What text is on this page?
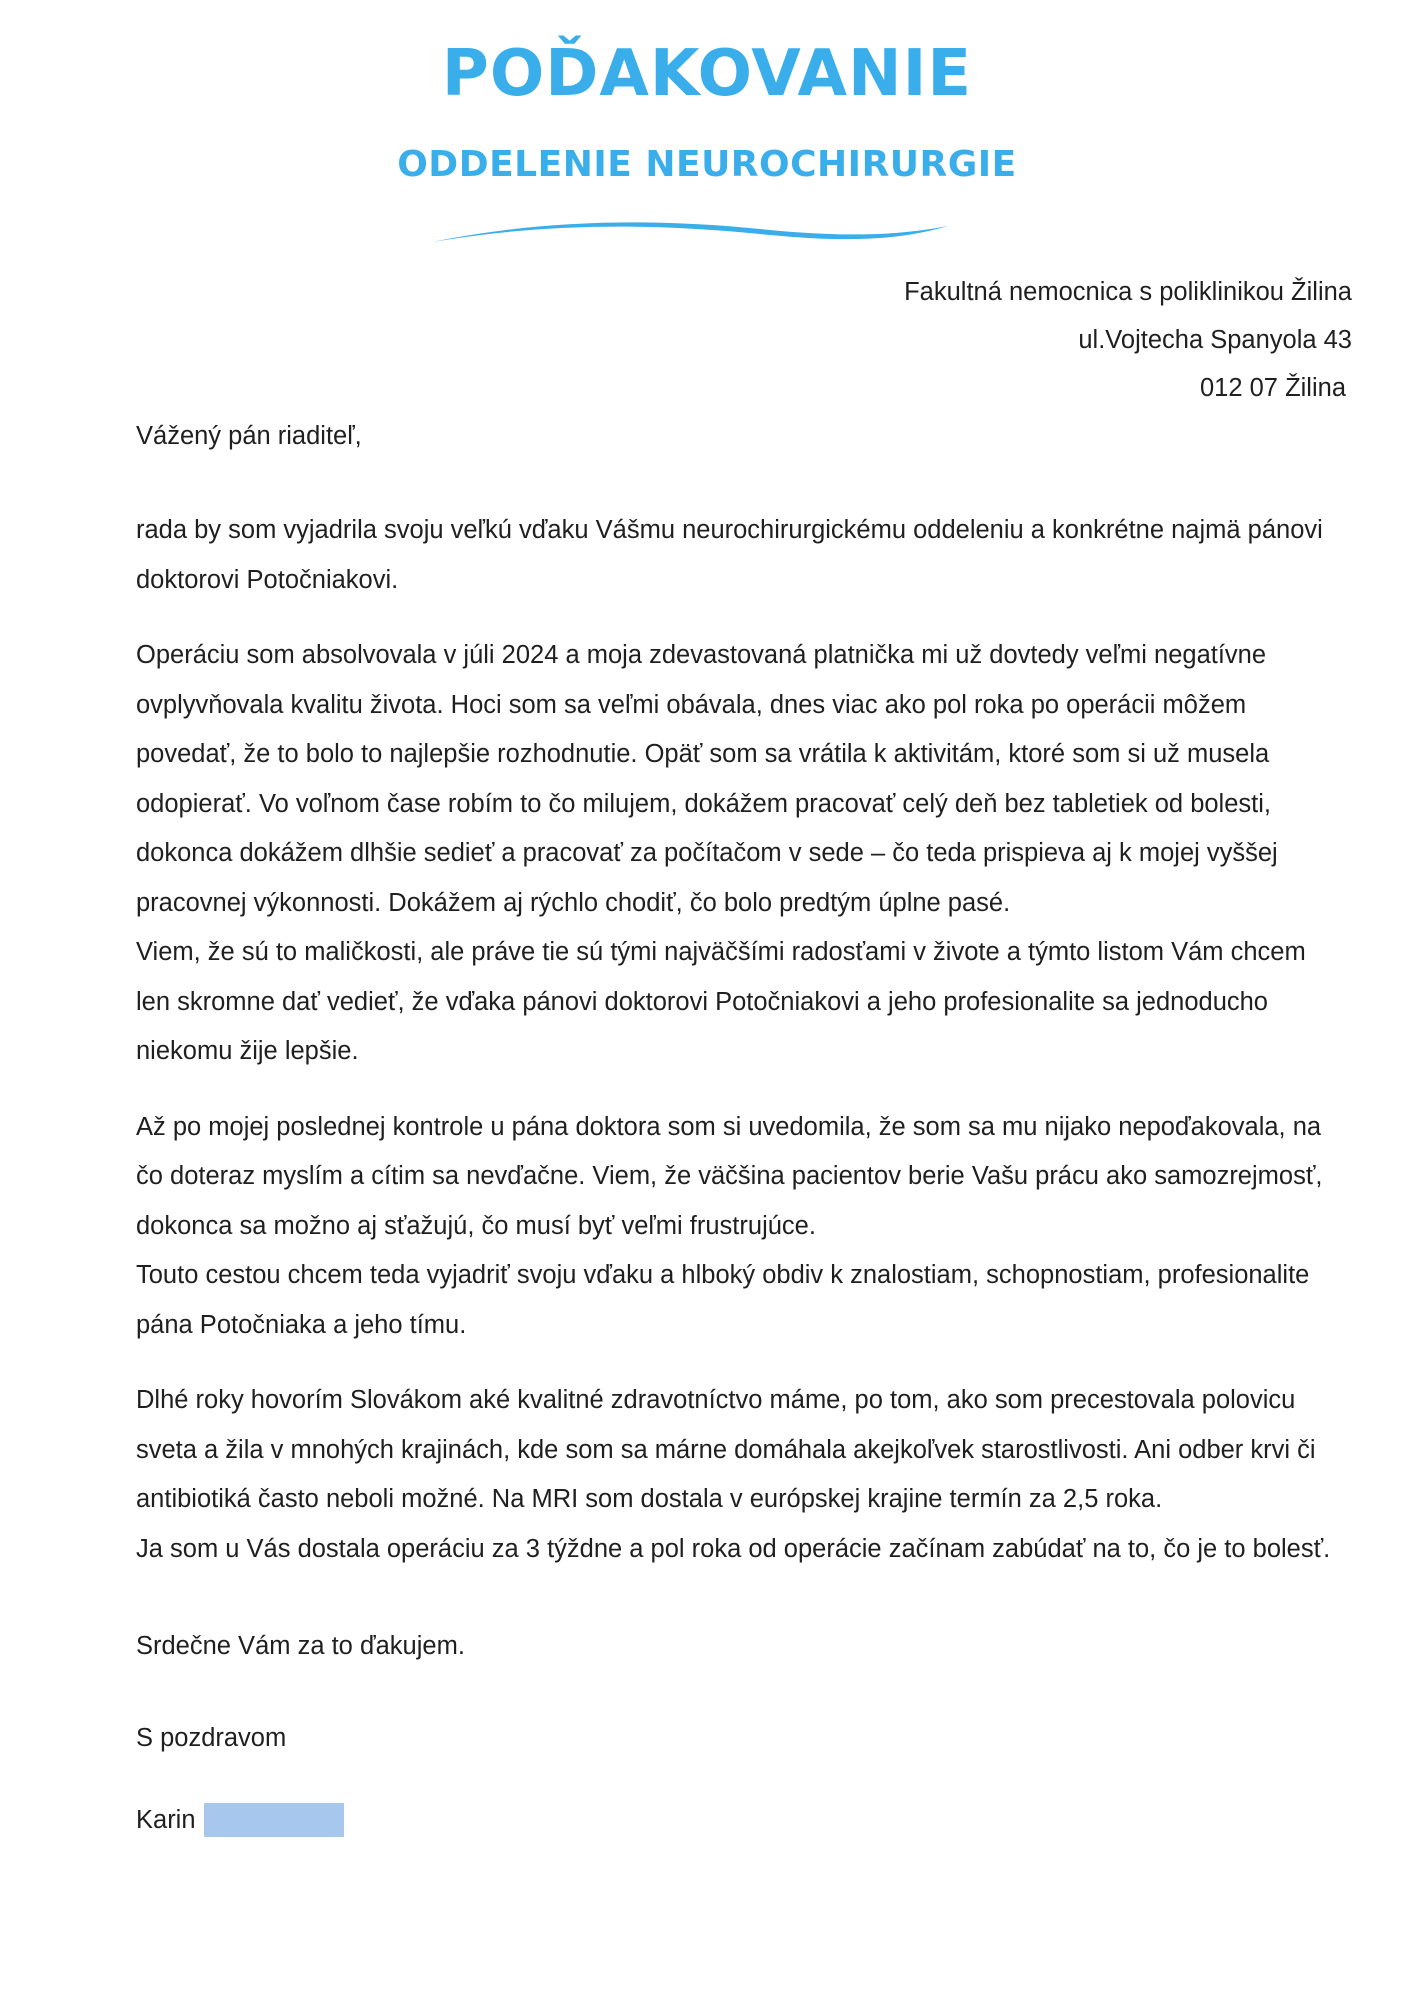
POĎAKOVANIE
ODDELENIE NEUROCHIRURGIE
Fakultná nemocnica s poliklinikou Žilina
ul.Vojtecha Spanyola 43
012 07 Žilina
Vážený pán riaditeľ,

rada by som vyjadrila svoju veľkú vďaku Vášmu neurochirurgickému oddeleniu a konkrétne najmä pánovi doktorovi Potočniakovi.

Operáciu som absolvovala v júli 2024 a moja zdevastovaná platnička mi už dovtedy veľmi negatívne ovplyvňovala kvalitu života. Hoci som sa veľmi obávala, dnes viac ako pol roka po operácii môžem povedať, že to bolo to najlepšie rozhodnutie. Opäť som sa vrátila k aktivitám, ktoré som si už musela odopierať. Vo voľnom čase robím to čo milujem, dokážem pracovať celý deň bez tabletiek od bolesti, dokonca dokážem dlhšie sedieť a pracovať za počítačom v sede – čo teda prispieva aj k mojej vyššej pracovnej výkonnosti. Dokážem aj rýchlo chodiť, čo bolo predtým úplne pasé.

Viem, že sú to maličkosti, ale práve tie sú tými najväčšími radosťami v živote a týmto listom Vám chcem len skromne dať vedieť, že vďaka pánovi doktorovi Potočniakovi a jeho profesionalite sa jednoducho niekomu žije lepšie.

Až po mojej poslednej kontrole u pána doktora som si uvedomila, že som sa mu nijako nepoďakovala, na čo doteraz myslím a cítim sa nevďačne. Viem, že väčšina pacientov berie Vašu prácu ako samozrejmosť, dokonca sa možno aj sťažujú, čo musí byť veľmi frustrujúce.

Touto cestou chcem teda vyjadriť svoju vďaku a hlboký obdiv k znalostiam, schopnostiam, profesionalite pána Potočniaka a jeho tímu.

Dlhé roky hovorím Slovákom aké kvalitné zdravotníctvo máme, po tom, ako som precestovala polovicu sveta a žila v mnohých krajinách, kde som sa márne domáhala akejkoľvek starostlivosti. Ani odber krvi či antibiotiká často neboli možné. Na MRI som dostala v európskej krajine termín za 2,5 roka.

Ja som u Vás dostala operáciu za 3 týždne a pol roka od operácie začínam zabúdať na to, čo je to bolesť.

Srdečne Vám za to ďakujem.
S pozdravom
Karin
